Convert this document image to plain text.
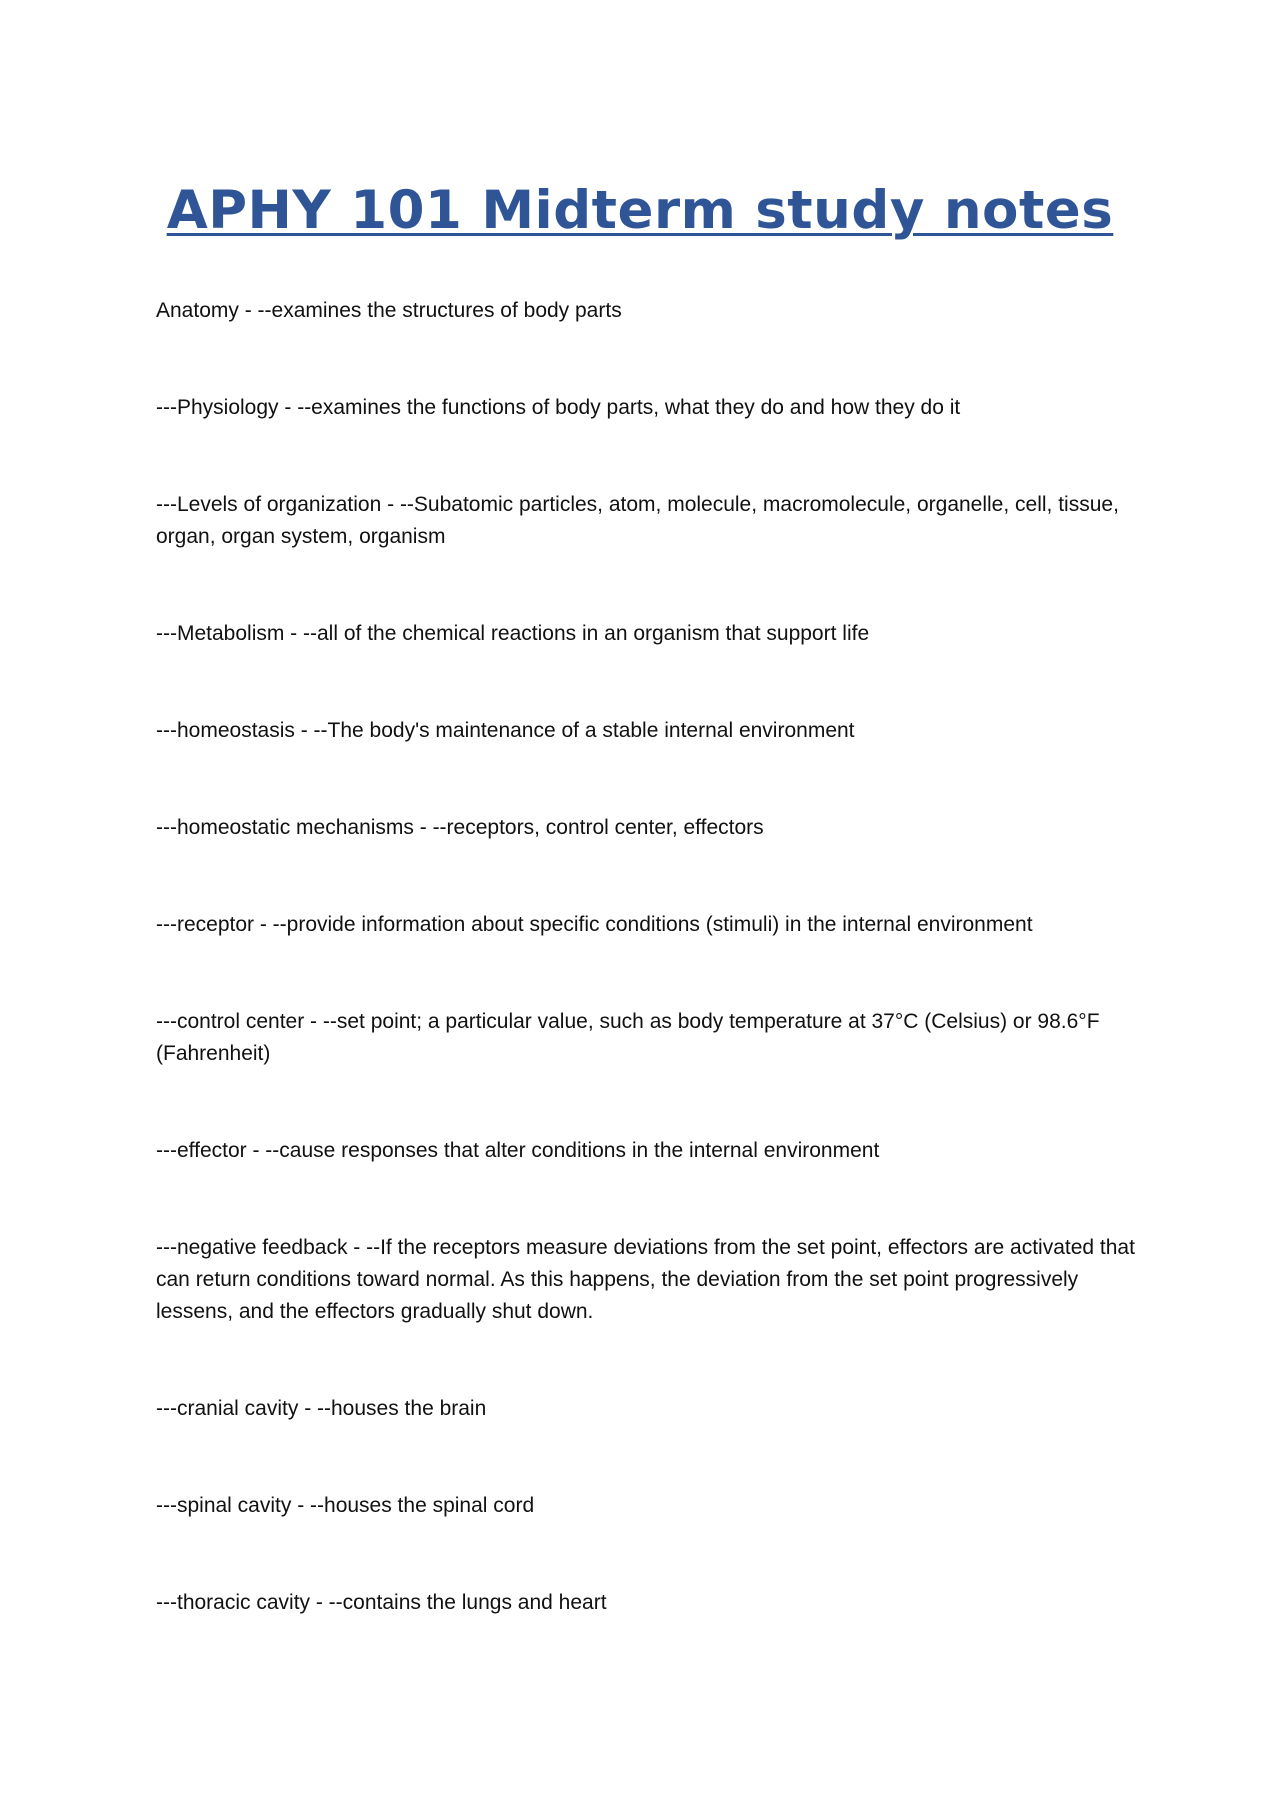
APHY 101 Midterm study notes
Anatomy - --examines the structures of body parts
---Physiology - --examines the functions of body parts, what they do and how they do it
---Levels of organization - --Subatomic particles, atom, molecule, macromolecule, organelle, cell, tissue, organ, organ system, organism
---Metabolism - --all of the chemical reactions in an organism that support life
---homeostasis - --The body's maintenance of a stable internal environment
---homeostatic mechanisms - --receptors, control center, effectors
---receptor - --provide information about specific conditions (stimuli) in the internal environment
---control center - --set point; a particular value, such as body temperature at 37°C (Celsius) or 98.6°F (Fahrenheit)
---effector - --cause responses that alter conditions in the internal environment
---negative feedback - --If the receptors measure deviations from the set point, effectors are activated that can return conditions toward normal. As this happens, the deviation from the set point progressively lessens, and the effectors gradually shut down.
---cranial cavity - --houses the brain
---spinal cavity - --houses the spinal cord
---thoracic cavity - --contains the lungs and heart
